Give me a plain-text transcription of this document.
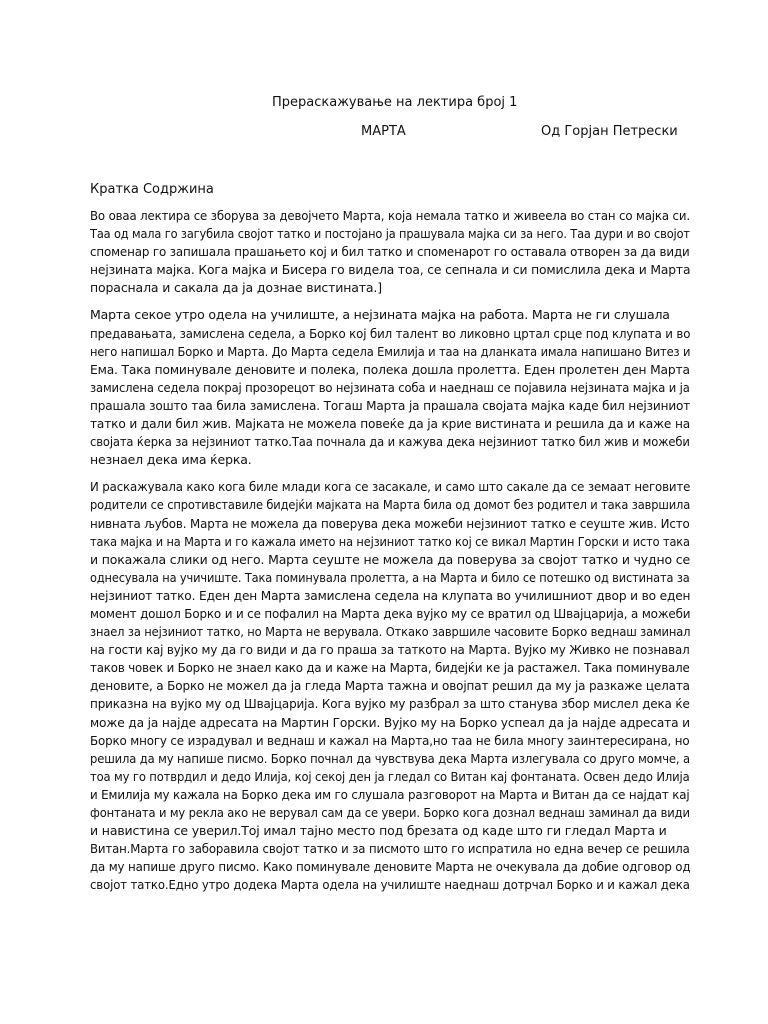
Прераскажување на лектира број 1
МАРТА	Од Горјан Петрески
Кратка Содржина

Во оваа лектира се зборува за девојчето Марта, која немала татко и живеела во стан со мајка си.
Таа од мала го загубила својот татко и постојано ја прашувала мајка си за него. Таа дури и во својот
споменар го запишала прашањето кој и бил татко и споменарот го оставала отворен за да види
нејзината мајка. Кога мајка и Бисера го видела тоа, се сепнала и си помислила дека и Марта
пораснала и сакала да ја дознае вистината.]

Марта секое утро одела на училиште, а нејзината мајка на работа. Марта не ги слушала
предавањата, замислена седела, а Борко кој бил талент во ликовно цртал срце под клупата и во
него напишал Борко и Марта. До Марта седела Емилија и таа на дланката имала напишано Витез и
Ема. Така поминувале деновите и полека, полека дошла пролетта. Еден пролетен ден Марта
замислена седела покрај прозорецот во нејзината соба и наеднаш се појавила нејзината мајка и ја
прашала зошто таа била замислена. Тогаш Марта ја прашала својата мајка каде бил нејзиниот
татко и дали бил жив. Мајката не можела повеќе да ја крие вистината и решила да и каже на
својата ќерка за нејзиниот татко.Таа почнала да и кажува дека нејзиниот татко бил жив и можеби
незнаел дека има ќерка.

И раскажувала како кога биле млади кога се засакале, и само што сакале да се земаат неговите
родители се спротивставиле бидејќи мајката на Марта била од домот без родител и така завршила
нивната љубов. Марта не можела да поверува дека можеби нејзиниот татко е сеуште жив. Исто
така мајка и на Марта и го кажала името на нејзиниот татко кој се викал Мартин Горски и исто така
и покажала слики од него. Марта сеуште не можела да поверува за својот татко и чудно се
однесувала на учичиште. Така поминувала пролетта, а на Марта и било се потешко од вистината за
нејзиниот татко. Еден ден Марта замислена седела на клупата во училишниот двор и во еден
момент дошол Борко и и се пофалил на Марта дека вујко му се вратил од Швајцарија, а можеби
знаел за нејзиниот татко, но Марта не верувала. Откако завршиле часовите Борко веднаш заминал
на гости кај вујко му да го види и да го праша за таткото на Марта. Вујко му Живко не познавал
таков човек и Борко не знаел како да и каже на Марта, бидејќи ке ја растажел. Така поминувале
деновите, а Борко не можел да ја гледа Марта тажна и овојпат решил да му ја разкаже целата
приказна на вујко му од Швајцарија. Кога вујко му разбрал за што станува збор мислел дека ќе
може да ја најде адресата на Мартин Горски. Вујко му на Борко успеал да ја најде адресата и
Борко многу се израдувал и веднаш и кажал на Марта,но таа не била многу заинтересирана, но
решила да му напише писмо. Борко почнал да чувствува дека Марта излегувала со друго момче, а
тоа му го потврдил и дедо Илија, кој секој ден ја гледал со Витан кај фонтаната. Освен дедо Илија
и Емилија му кажала на Борко дека им го слушала разговорот на Марта и Витан да се најдат кај
фонтаната и му рекла ако не верувал сам да се увери. Борко кога дознал веднаш заминал да види
и навистина се уверил.Тој имал тајно место под брезата од каде што ги гледал Марта и
Витан.Марта го заборавила својот татко и за писмото што го испратила но една вечер се решила
да му напише друго писмо. Како поминувале деновите Марта не очекувала да добие одговор од
својот татко.Едно утро додека Марта одела на училиште наеднаш дотрчал Борко и и кажал дека
